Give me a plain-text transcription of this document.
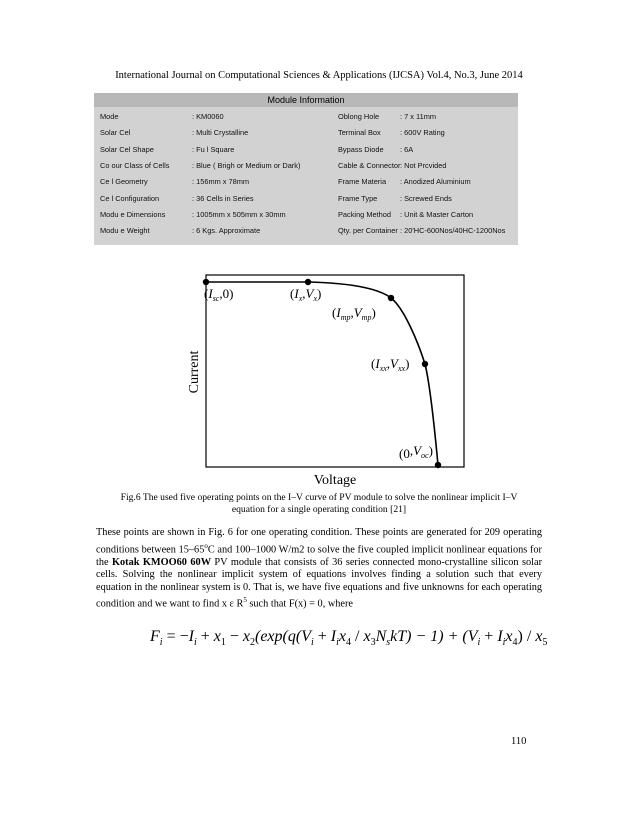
International Journal on Computational Sciences & Applications (IJCSA) Vol.4, No.3, June 2014
Module Information
Mode	: KM0060	Oblong Hole	: 7 x 11mm
Solar Cel	: Multi Crystalline	Terminal Box	: 600V Rating
Solar Cel Shape	: Fu l Square	Bypass Diode : 6A
Co our Class of Cells	: Blue ( Brigh or Medium or Dark)	Cable & Connector : Not Prcvided
Ce l Geometry	: 156mm x 78mm	Frame Materia : Anodized Aluminium
Ce l Configuration	: 36 Cells in Series	Frame Type	: Screwed Ends
Modu e Dimensions	: 1005mm x 505mm x 30mm	Packing Method : Unit & Master Carton
Modu e Weight	: 6 Kgs. Approximate	Qty. per Container : 20'HC-600Nos/40HC-1200Nos
$(I_{sc},0)$	$(I_x,V_x)$
$(I_{mp},V_{mp})$
$(I_{xx},V_{xx})$
$(0,V_{oc})$
Voltage
Current
Fig.6 The used five operating points on the I–V curve of PV module to solve the nonlinear implicit I–V
equation for a single operating condition [21]
These points are shown in Fig. 6 for one operating condition. These points are generated for 209 operating conditions between 15–65$^o$C and 100–1000 W/m2 to solve the five coupled implicit nonlinear equations for the Kotak KMOO60 60W PV module that consists of 36 series connected mono-crystalline silicon solar cells. Solving the nonlinear implicit system of equations involves finding a solution such that every equation in the nonlinear system is 0. That is, we have five equations and five unknowns for each operating condition and we want to find x ε $R^5$ such that F(x) = 0, where
$F_i = -I_i + x_1 - x_2(\exp(q(V_i + I_ix_4 / x_3N_skT) - 1) + (V_i + I_ix_4) / x_5$
110
